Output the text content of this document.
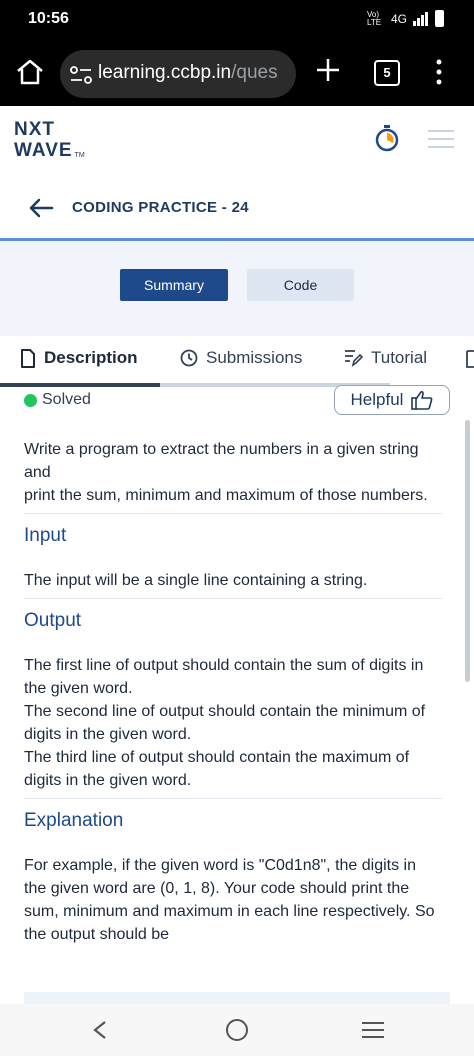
10:56	Vo) LTE 4G
learning.ccbp.in/ques	5
NXT
WAVE TM
CODING PRACTICE - 24
Summary	Code
Description	Submissions	Tutorial
Solved	Helpful

Write a program to extract the numbers in a given string and
print the sum, minimum and maximum of those numbers.

Input

The input will be a single line containing a string.

Output

The first line of output should contain the sum of digits in the given word.

The second line of output should contain the minimum of digits in the given word.

The third line of output should contain the maximum of digits in the given word.

Explanation

For example, if the given word is "C0d1n8", the digits in the given word are (0, 1, 8). Your code should print the sum, minimum and maximum in each line respectively. So the output should be
